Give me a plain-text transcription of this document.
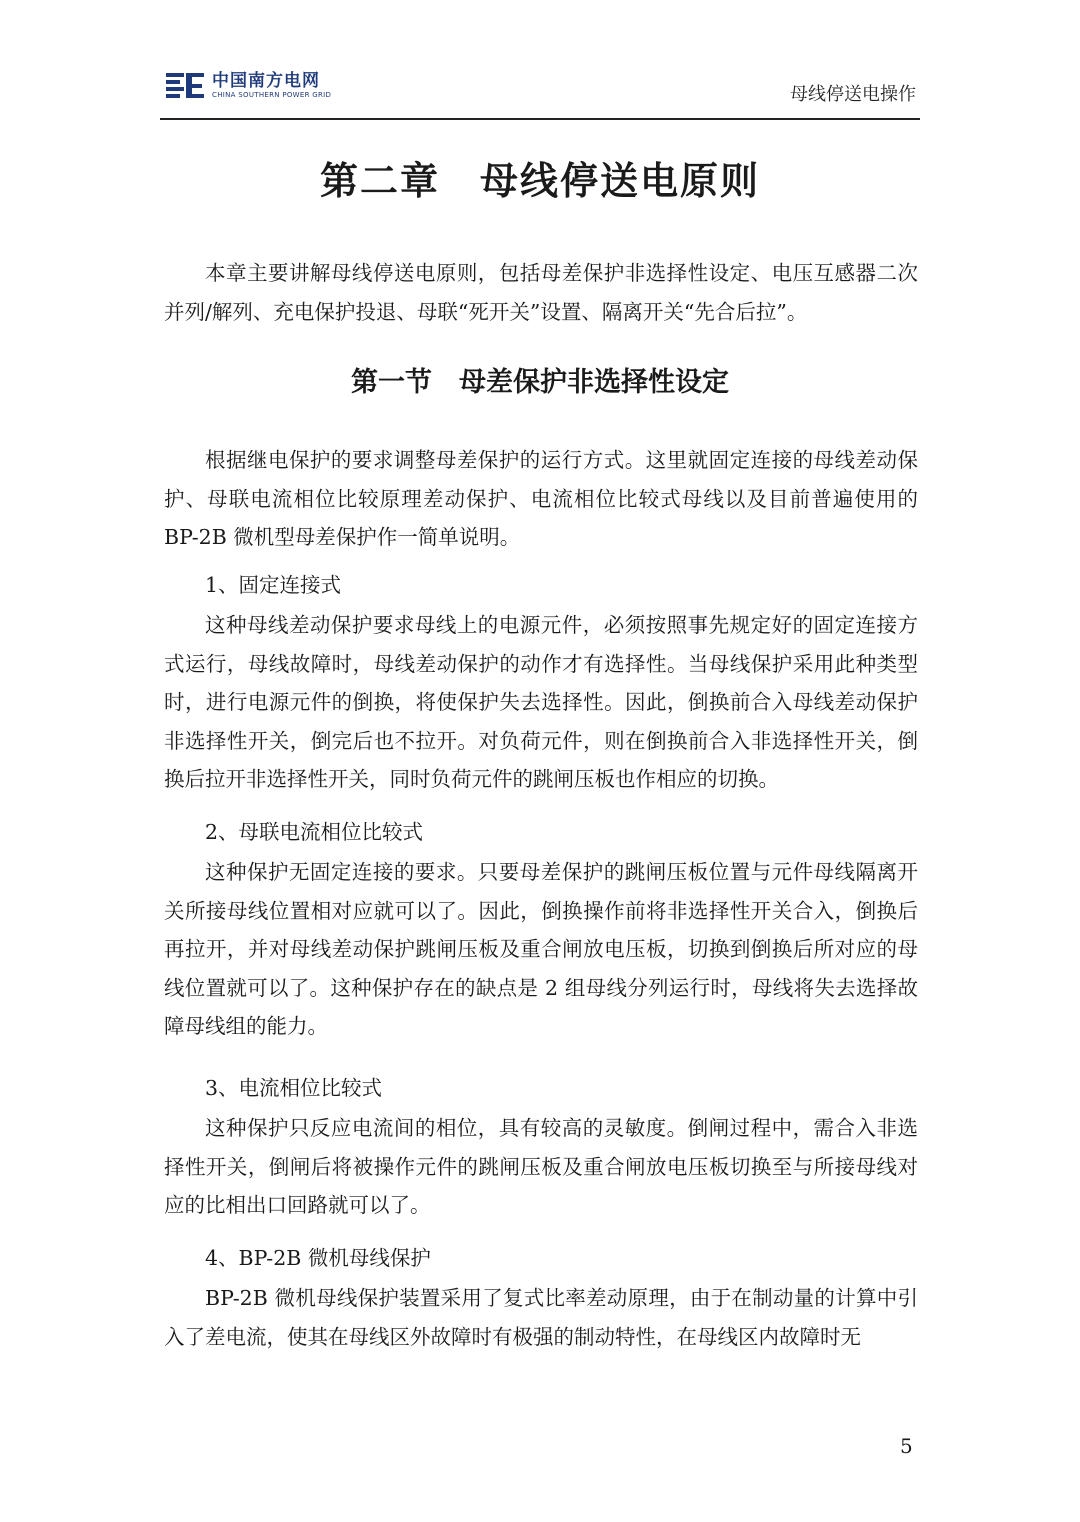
中国南方电网
CHINA SOUTHERN POWER GRID	母线停送电操作
第二章　母线停送电原则

本章主要讲解母线停送电原则，包括母差保护非选择性设定、电压互感器二次并列/解列、充电保护投退、母联“死开关”设置、隔离开关“先合后拉”。

第一节　母差保护非选择性设定

根据继电保护的要求调整母差保护的运行方式。这里就固定连接的母线差动保护、母联电流相位比较原理差动保护、电流相位比较式母线以及目前普遍使用的 BP-2B 微机型母差保护作一简单说明。

1、固定连接式

这种母线差动保护要求母线上的电源元件，必须按照事先规定好的固定连接方式运行，母线故障时，母线差动保护的动作才有选择性。当母线保护采用此种类型时，进行电源元件的倒换，将使保护失去选择性。因此，倒换前合入母线差动保护非选择性开关，倒完后也不拉开。对负荷元件，则在倒换前合入非选择性开关，倒换后拉开非选择性开关，同时负荷元件的跳闸压板也作相应的切换。

2、母联电流相位比较式

这种保护无固定连接的要求。只要母差保护的跳闸压板位置与元件母线隔离开关所接母线位置相对应就可以了。因此，倒换操作前将非选择性开关合入，倒换后再拉开，并对母线差动保护跳闸压板及重合闸放电压板，切换到倒换后所对应的母线位置就可以了。这种保护存在的缺点是 2 组母线分列运行时，母线将失去选择故障母线组的能力。

3、电流相位比较式

这种保护只反应电流间的相位，具有较高的灵敏度。倒闸过程中，需合入非选择性开关，倒闸后将被操作元件的跳闸压板及重合闸放电压板切换至与所接母线对应的比相出口回路就可以了。

4、BP-2B 微机母线保护

BP-2B 微机母线保护装置采用了复式比率差动原理，由于在制动量的计算中引入了差电流，使其在母线区外故障时有极强的制动特性，在母线区内故障时无

5
